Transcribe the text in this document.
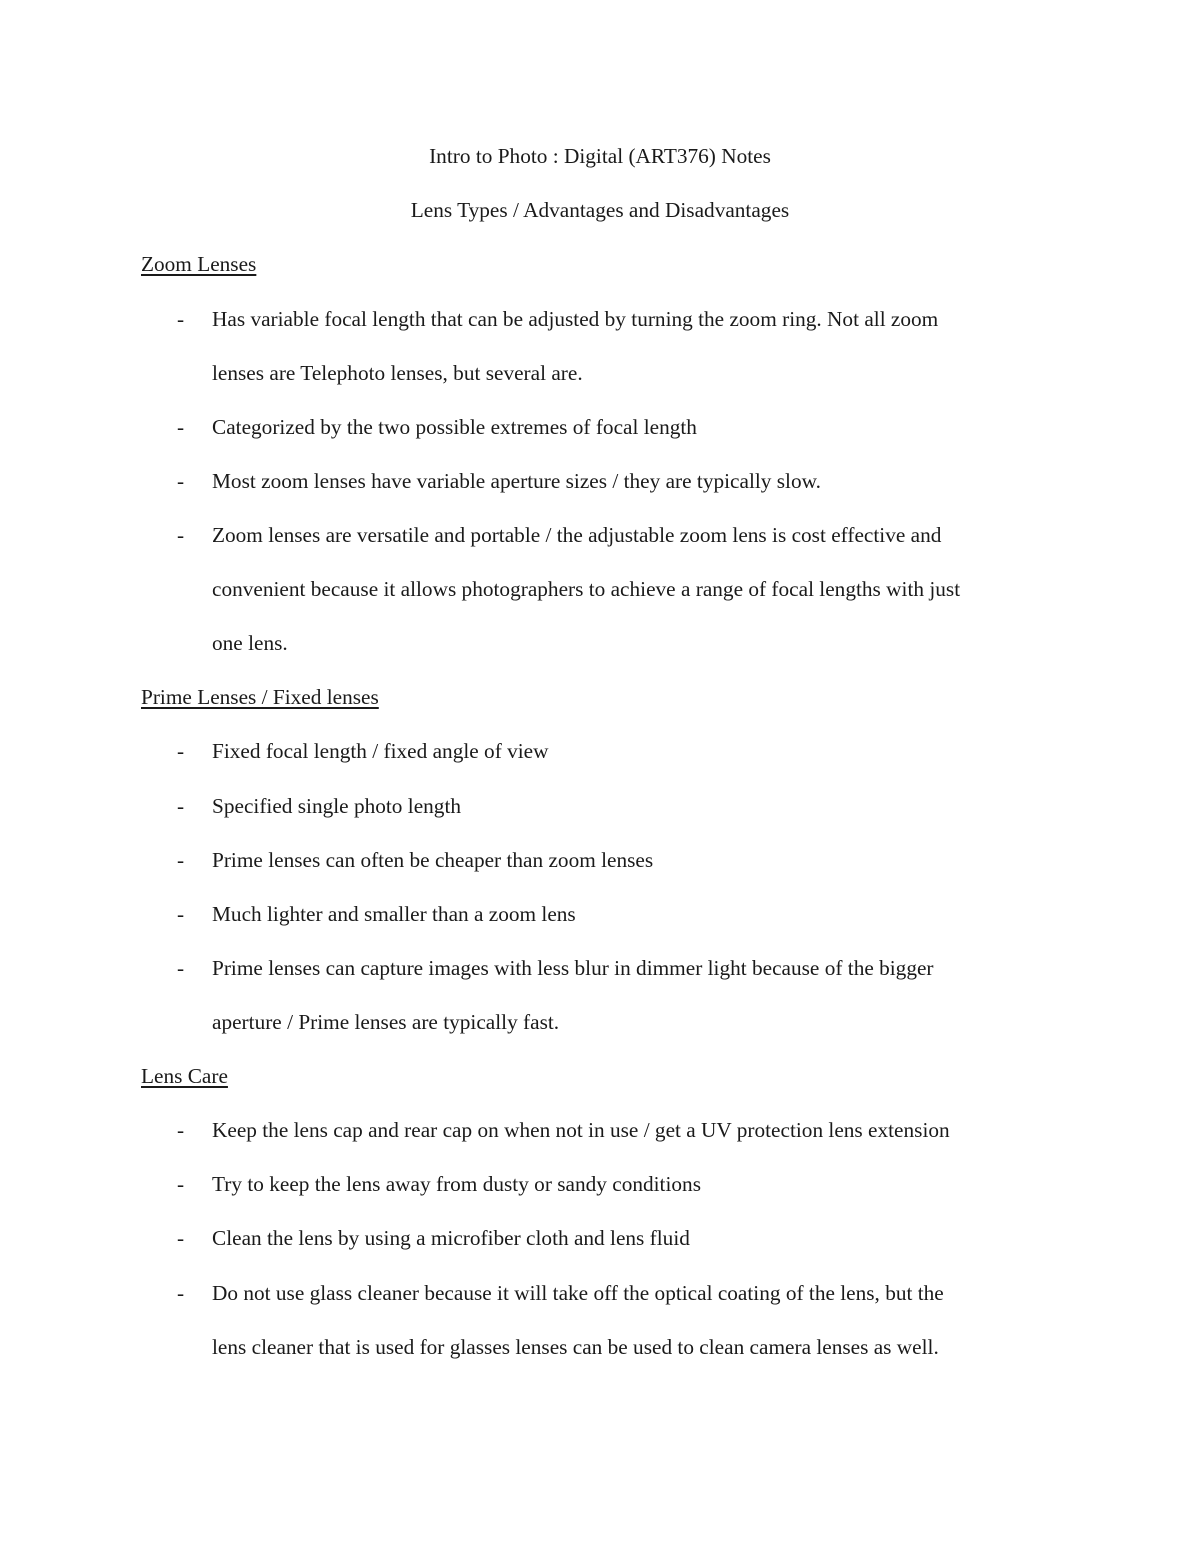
Intro to Photo : Digital (ART376) Notes
Lens Types / Advantages and Disadvantages
Zoom Lenses
- Has variable focal length that can be adjusted by turning the zoom ring. Not all zoom
lenses are Telephoto lenses, but several are.
- Categorized by the two possible extremes of focal length
- Most zoom lenses have variable aperture sizes / they are typically slow.
- Zoom lenses are versatile and portable / the adjustable zoom lens is cost effective and
convenient because it allows photographers to achieve a range of focal lengths with just
one lens.
Prime Lenses / Fixed lenses
- Fixed focal length / fixed angle of view
- Specified single photo length
- Prime lenses can often be cheaper than zoom lenses
- Much lighter and smaller than a zoom lens
- Prime lenses can capture images with less blur in dimmer light because of the bigger
aperture / Prime lenses are typically fast.
Lens Care
- Keep the lens cap and rear cap on when not in use / get a UV protection lens extension
- Try to keep the lens away from dusty or sandy conditions
- Clean the lens by using a microfiber cloth and lens fluid
- Do not use glass cleaner because it will take off the optical coating of the lens, but the
lens cleaner that is used for glasses lenses can be used to clean camera lenses as well.
